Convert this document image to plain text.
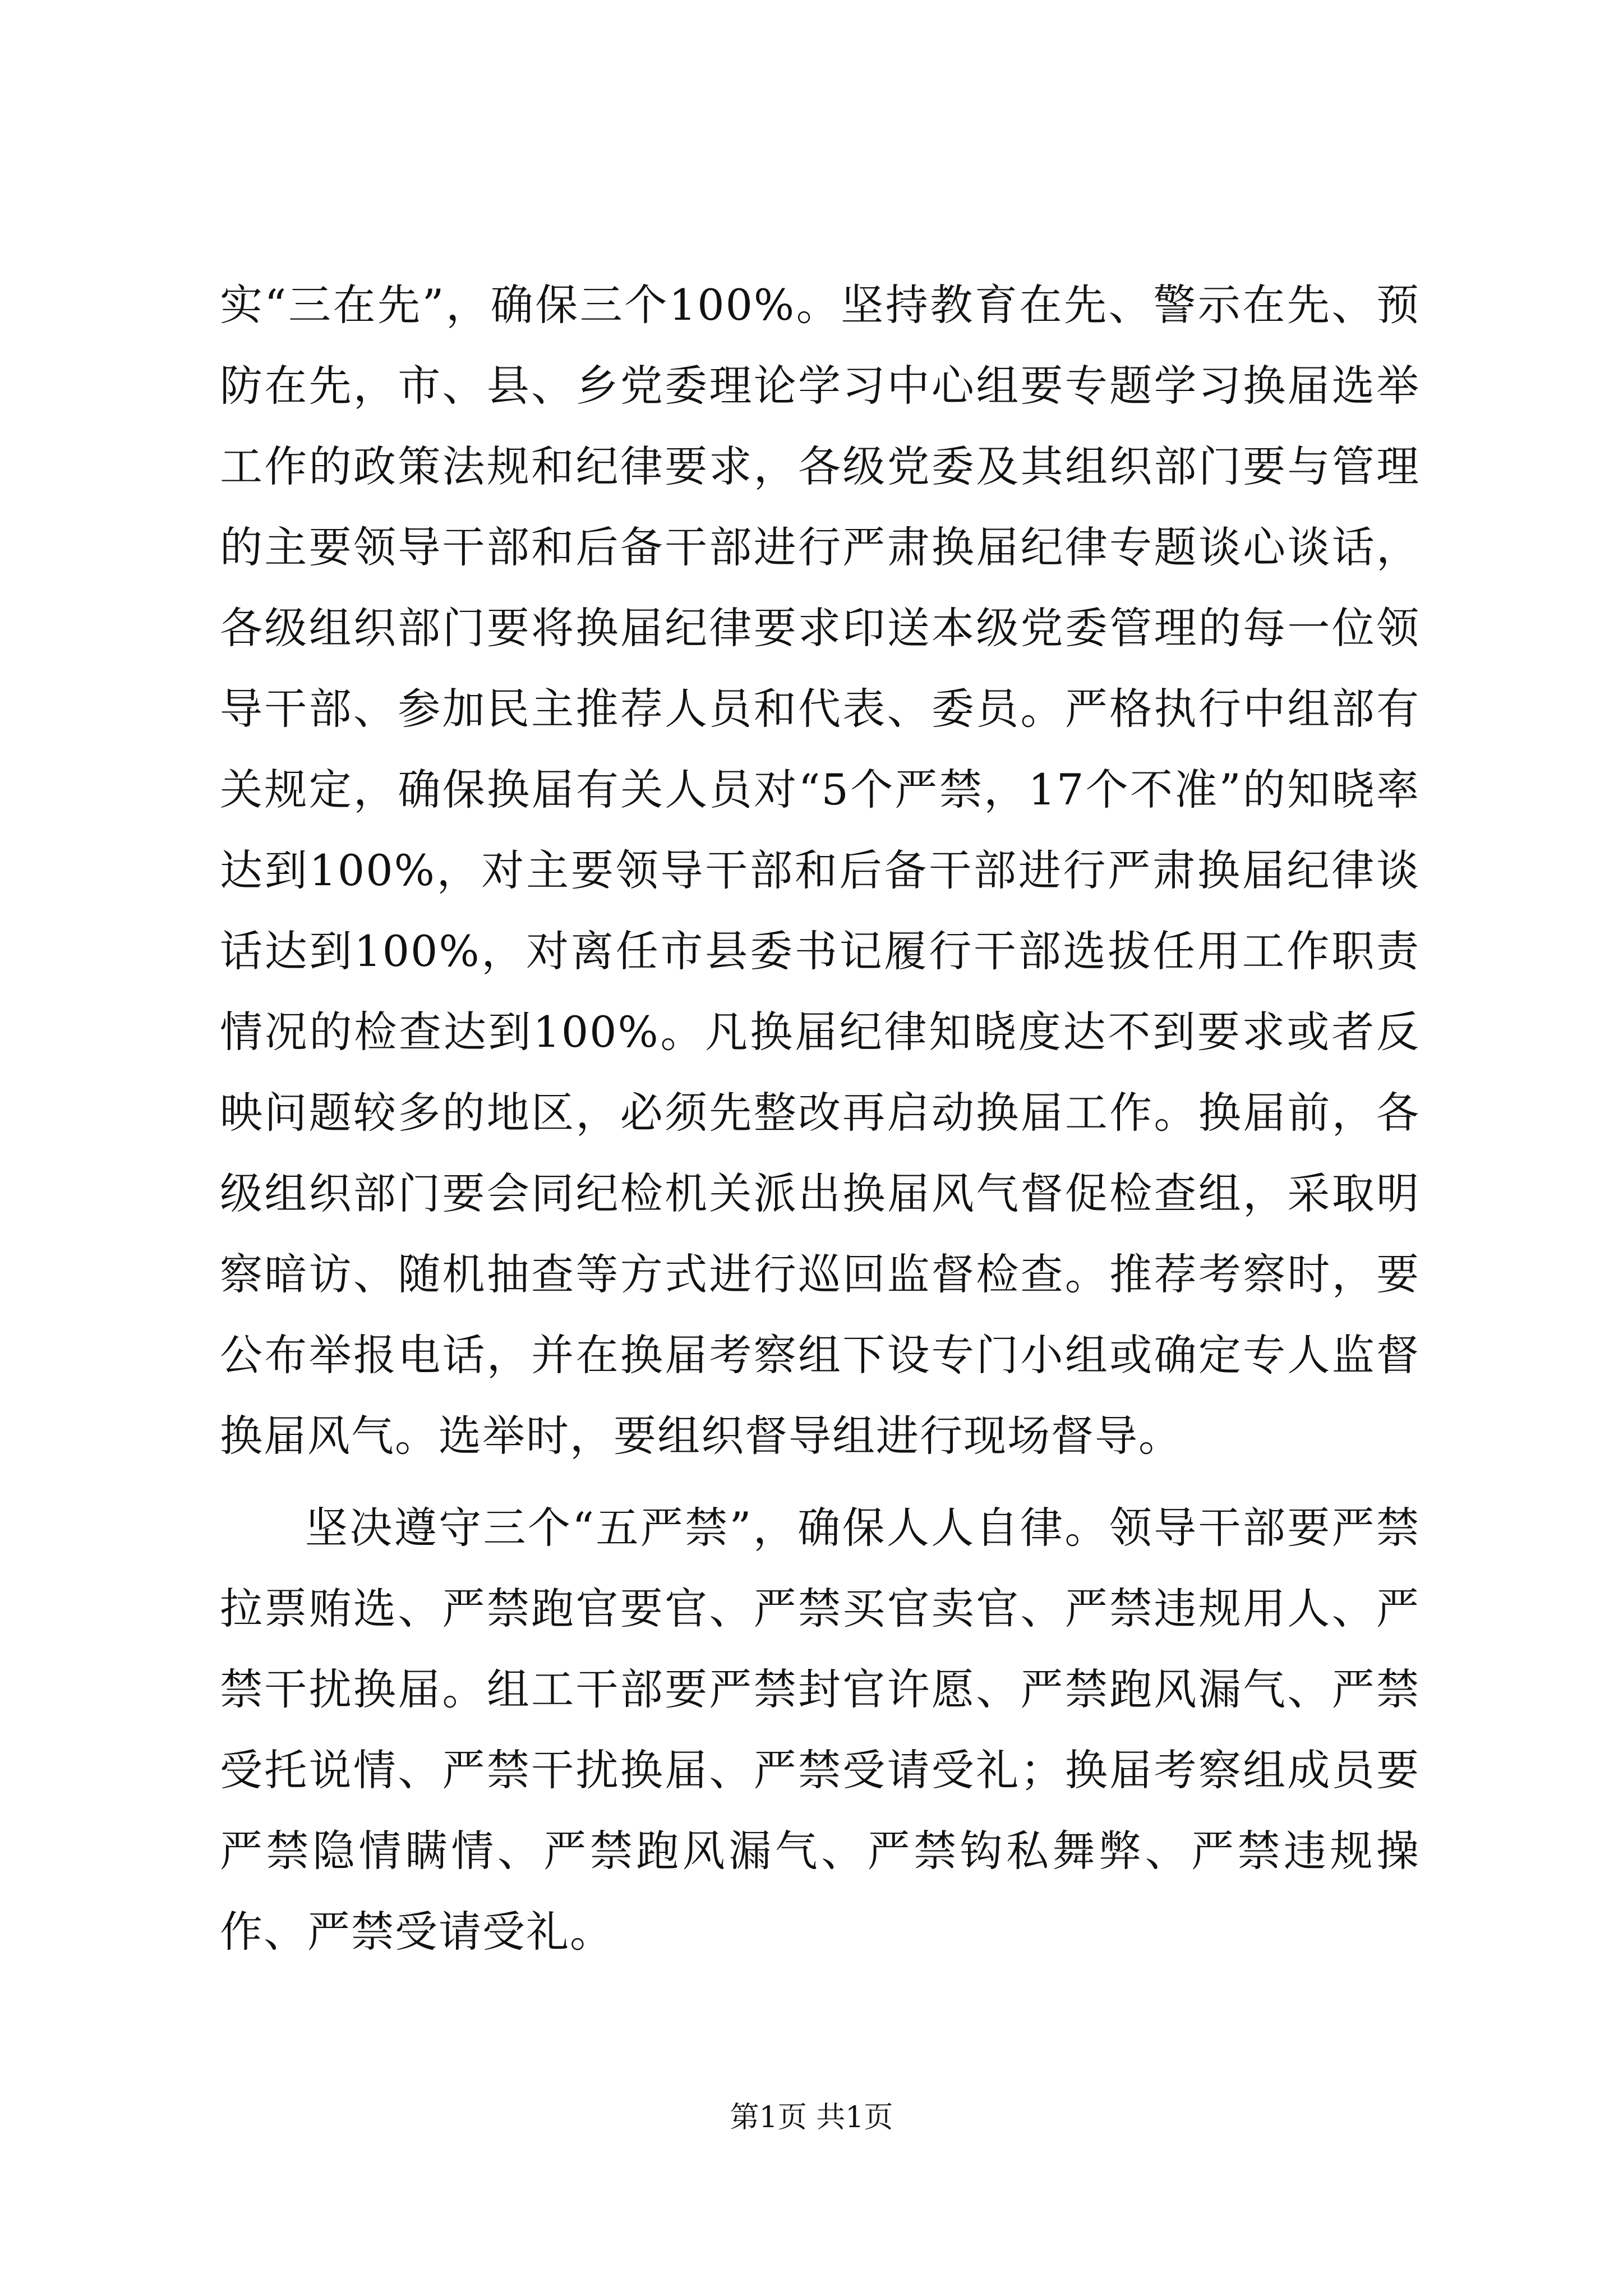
实“三在先”，确保三个100%。坚持教育在先、警示在先、预防在先，市、县、乡党委理论学习中心组要专题学习换届选举工作的政策法规和纪律要求，各级党委及其组织部门要与管理的主要领导干部和后备干部进行严肃换届纪律专题谈心谈话，各级组织部门要将换届纪律要求印送本级党委管理的每一位领导干部、参加民主推荐人员和代表、委员。严格执行中组部有关规定，确保换届有关人员对“5个严禁，17个不准”的知晓率达到100%，对主要领导干部和后备干部进行严肃换届纪律谈话达到100%，对离任市县委书记履行干部选拔任用工作职责情况的检查达到100%。凡换届纪律知晓度达不到要求或者反映问题较多的地区，必须先整改再启动换届工作。换届前，各级组织部门要会同纪检机关派出换届风气督促检查组，采取明察暗访、随机抽查等方式进行巡回监督检查。推荐考察时，要公布举报电话，并在换届考察组下设专门小组或确定专人监督换届风气。选举时，要组织督导组进行现场督导。

坚决遵守三个“五严禁”，确保人人自律。领导干部要严禁拉票贿选、严禁跑官要官、严禁买官卖官、严禁违规用人、严禁干扰换届。组工干部要严禁封官许愿、严禁跑风漏气、严禁受托说情、严禁干扰换届、严禁受请受礼；换届考察组成员要严禁隐情瞒情、严禁跑风漏气、严禁钩私舞弊、严禁违规操作、严禁受请受礼。

第1页 共1页
